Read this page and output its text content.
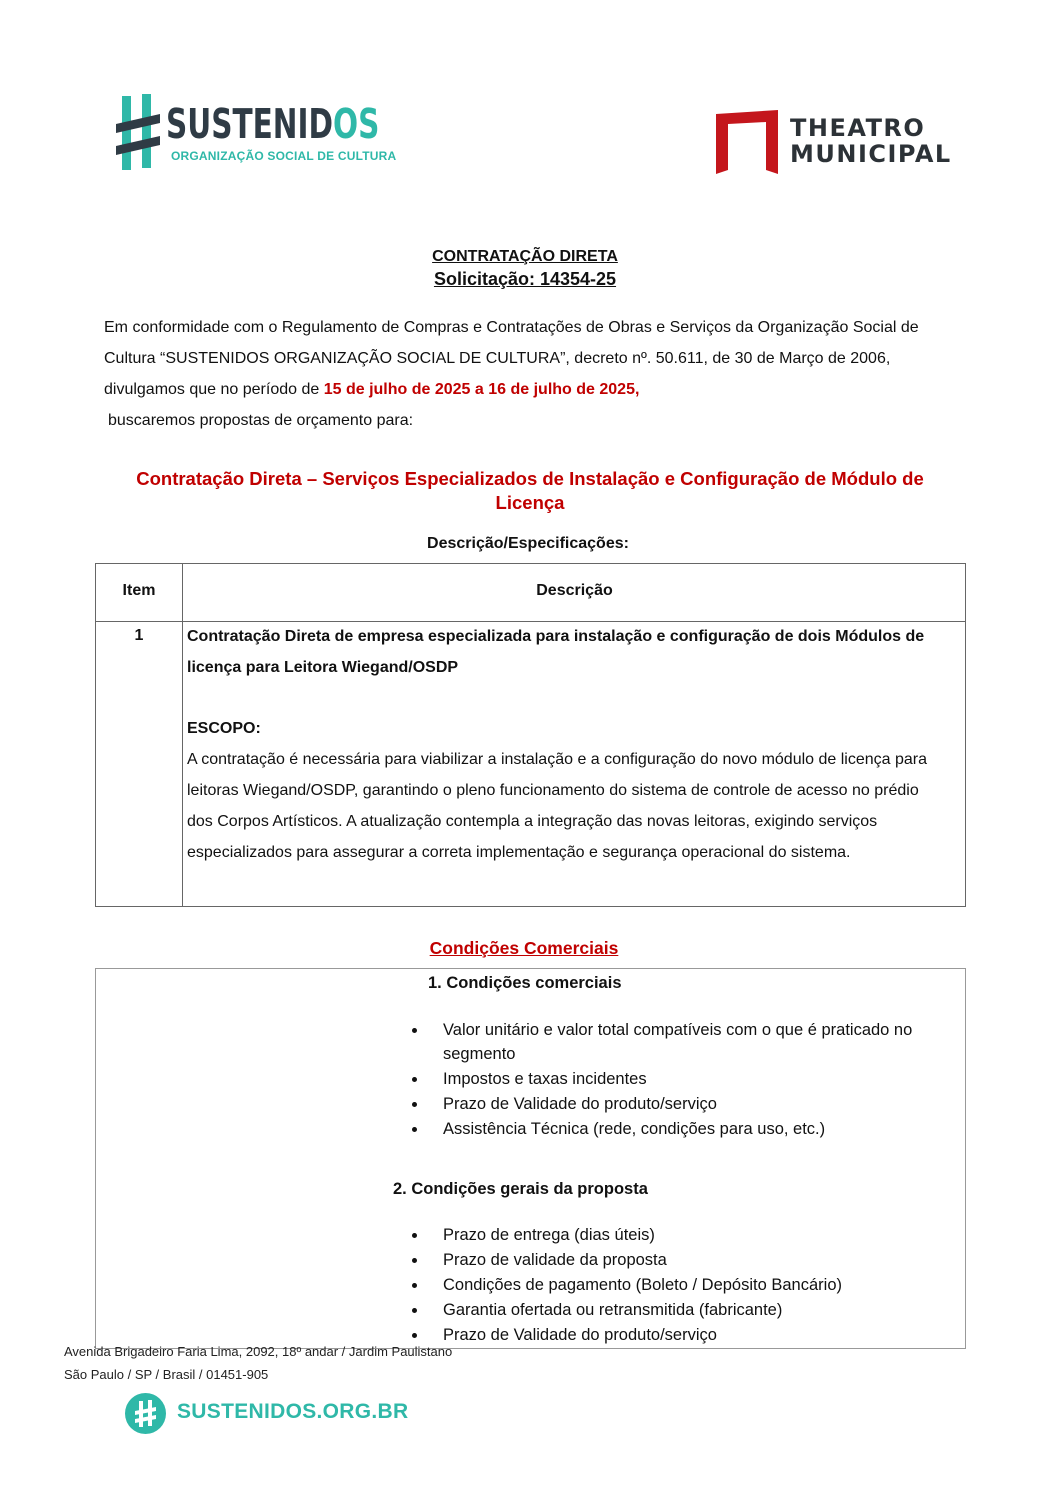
SUSTENIDOS
ORGANIZAÇÃO SOCIAL DE CULTURA
THEATRO
MUNICIPAL
CONTRATAÇÃO DIRETA
Solicitação: 14354-25
Em conformidade com o Regulamento de Compras e Contratações de Obras e Serviços da Organização Social de Cultura “SUSTENIDOS ORGANIZAÇÃO SOCIAL DE CULTURA”, decreto nº. 50.611, de 30 de Março de 2006, divulgamos que no período de 15 de julho de 2025 a 16 de julho de 2025,
buscaremos propostas de orçamento para:
Contratação Direta – Serviços Especializados de Instalação e Configuração de Módulo de Licença
Descrição/Especificações:
Item	Descrição
1	Contratação Direta de empresa especializada para instalação e configuração de dois Módulos de licença para Leitora Wiegand/OSDP
ESCOPO:
A contratação é necessária para viabilizar a instalação e a configuração do novo módulo de licença para leitoras Wiegand/OSDP, garantindo o pleno funcionamento do sistema de controle de acesso no prédio dos Corpos Artísticos. A atualização contempla a integração das novas leitoras, exigindo serviços especializados para assegurar a correta implementação e segurança operacional do sistema.
Condições Comerciais
1. Condições comerciais
Valor unitário e valor total compatíveis com o que é praticado no segmento
Impostos e taxas incidentes
Prazo de Validade do produto/serviço
Assistência Técnica (rede, condições para uso, etc.)
2. Condições gerais da proposta
Prazo de entrega (dias úteis)
Prazo de validade da proposta
Condições de pagamento (Boleto / Depósito Bancário)
Garantia ofertada ou retransmitida (fabricante)
Prazo de Validade do produto/serviço
Avenida Brigadeiro Faria Lima, 2092, 18º andar / Jardim Paulistano
São Paulo / SP / Brasil / 01451-905
SUSTENIDOS.ORG.BR
